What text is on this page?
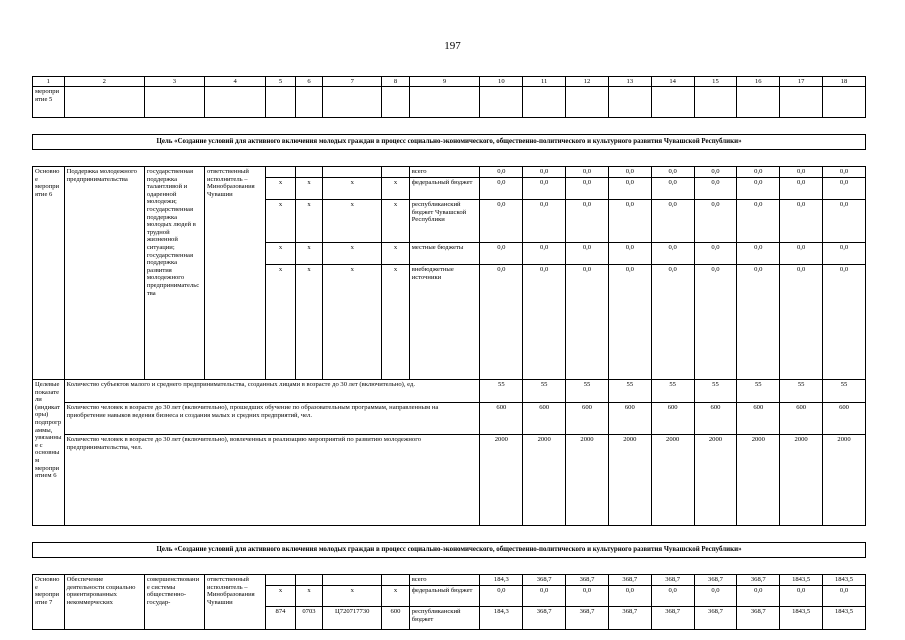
197
1	2	3	4	5	6	7	8	9	10	11	12	13	14	15	16	17	18
мероприятие 5																	

Цель «Создание условий для активного включения молодых граждан в процесс социально-экономического, общественно-политического и культурного развития Чувашской Республики»																	

Основное мероприятие 6	Поддержка молодежного предпринимательства	государственная поддержка талантливой и одаренной молодежи; государственная поддержка молодых людей в трудной жизненной ситуации; государственная поддержка развития молодежного предпринимательства	ответственный исполнитель – Минобразования Чувашии					всего	0,0	0,0	0,0	0,0	0,0	0,0	0,0	0,0	0,0
				x	x	x	x	федеральный бюджет	0,0	0,0	0,0	0,0	0,0	0,0	0,0	0,0	0,0
				x	x	x	x	республиканский бюджет Чувашской Республики	0,0	0,0	0,0	0,0	0,0	0,0	0,0	0,0	0,0
				x	x	x	x	местные бюджеты	0,0	0,0	0,0	0,0	0,0	0,0	0,0	0,0	0,0
				x	x	x	x	внебюджетные источники	0,0	0,0	0,0	0,0	0,0	0,0	0,0	0,0	0,0
Целевые показатели (индикаторы) подпрограммы, увязанные с основным мероприятием 6	Количество субъектов малого и среднего предпринимательства, созданных лицами в возрасте до 30 лет (включительно), ед.								55	55	55	55	55	55	55	55	55
	Количество человек в возрасте до 30 лет (включительно), прошедших обучение по образовательным программам, направленным на приобретение навыков ведения бизнеса и создания малых и средних предприятий, чел.								600	600	600	600	600	600	600	600	600
	Количество человек в возрасте до 30 лет (включительно), вовлеченных в реализацию мероприятий по развитию молодежного предпринимательства, чел.								2000	2000	2000	2000	2000	2000	2000	2000	2000

Цель «Создание условий для активного включения молодых граждан в процесс социально-экономического, общественно-политического и культурного развития Чувашской Республики»																	

Основное мероприятие 7	Обеспечение деятельности социально ориентированных некоммерческих	совершенствование системы общественно-государ-	ответственный исполнитель – Минобразования Чувашии					всего	184,3	368,7	368,7	368,7	368,7	368,7	368,7	1843,5	1843,5
				x	x	x	x	федеральный бюджет	0,0	0,0	0,0	0,0	0,0	0,0	0,0	0,0	0,0
				874	0703	Ц720717730	600	республиканский бюджет	184,3	368,7	368,7	368,7	368,7	368,7	368,7	1843,5	1843,5
